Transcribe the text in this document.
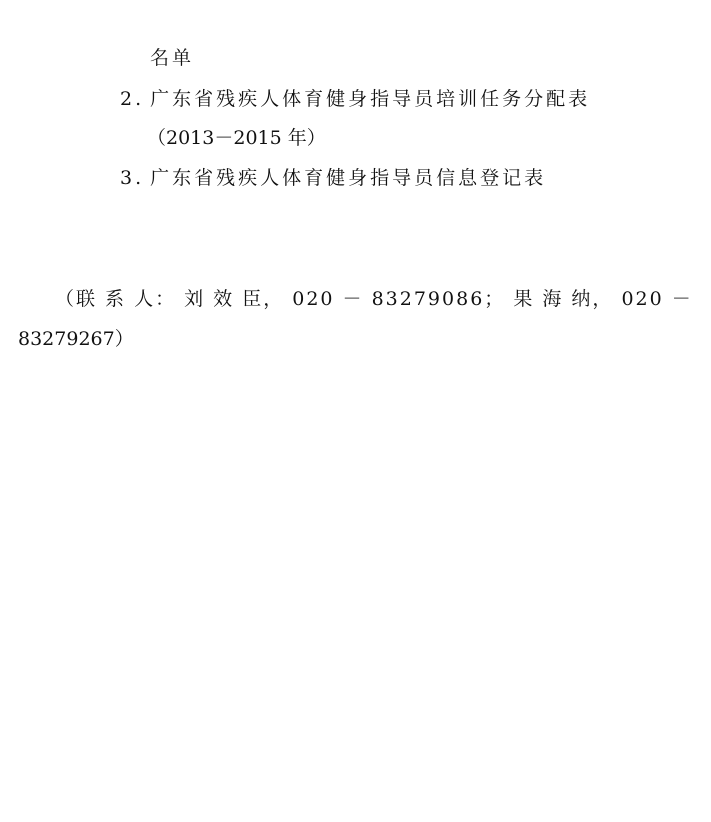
名单
2. 广东省残疾人体育健身指导员培训任务分配表
（2013－2015 年）
3. 广东省残疾人体育健身指导员信息登记表
（联 系 人： 刘 效 臣， 020 － 83279086； 果 海 纳， 020 －
83279267）
